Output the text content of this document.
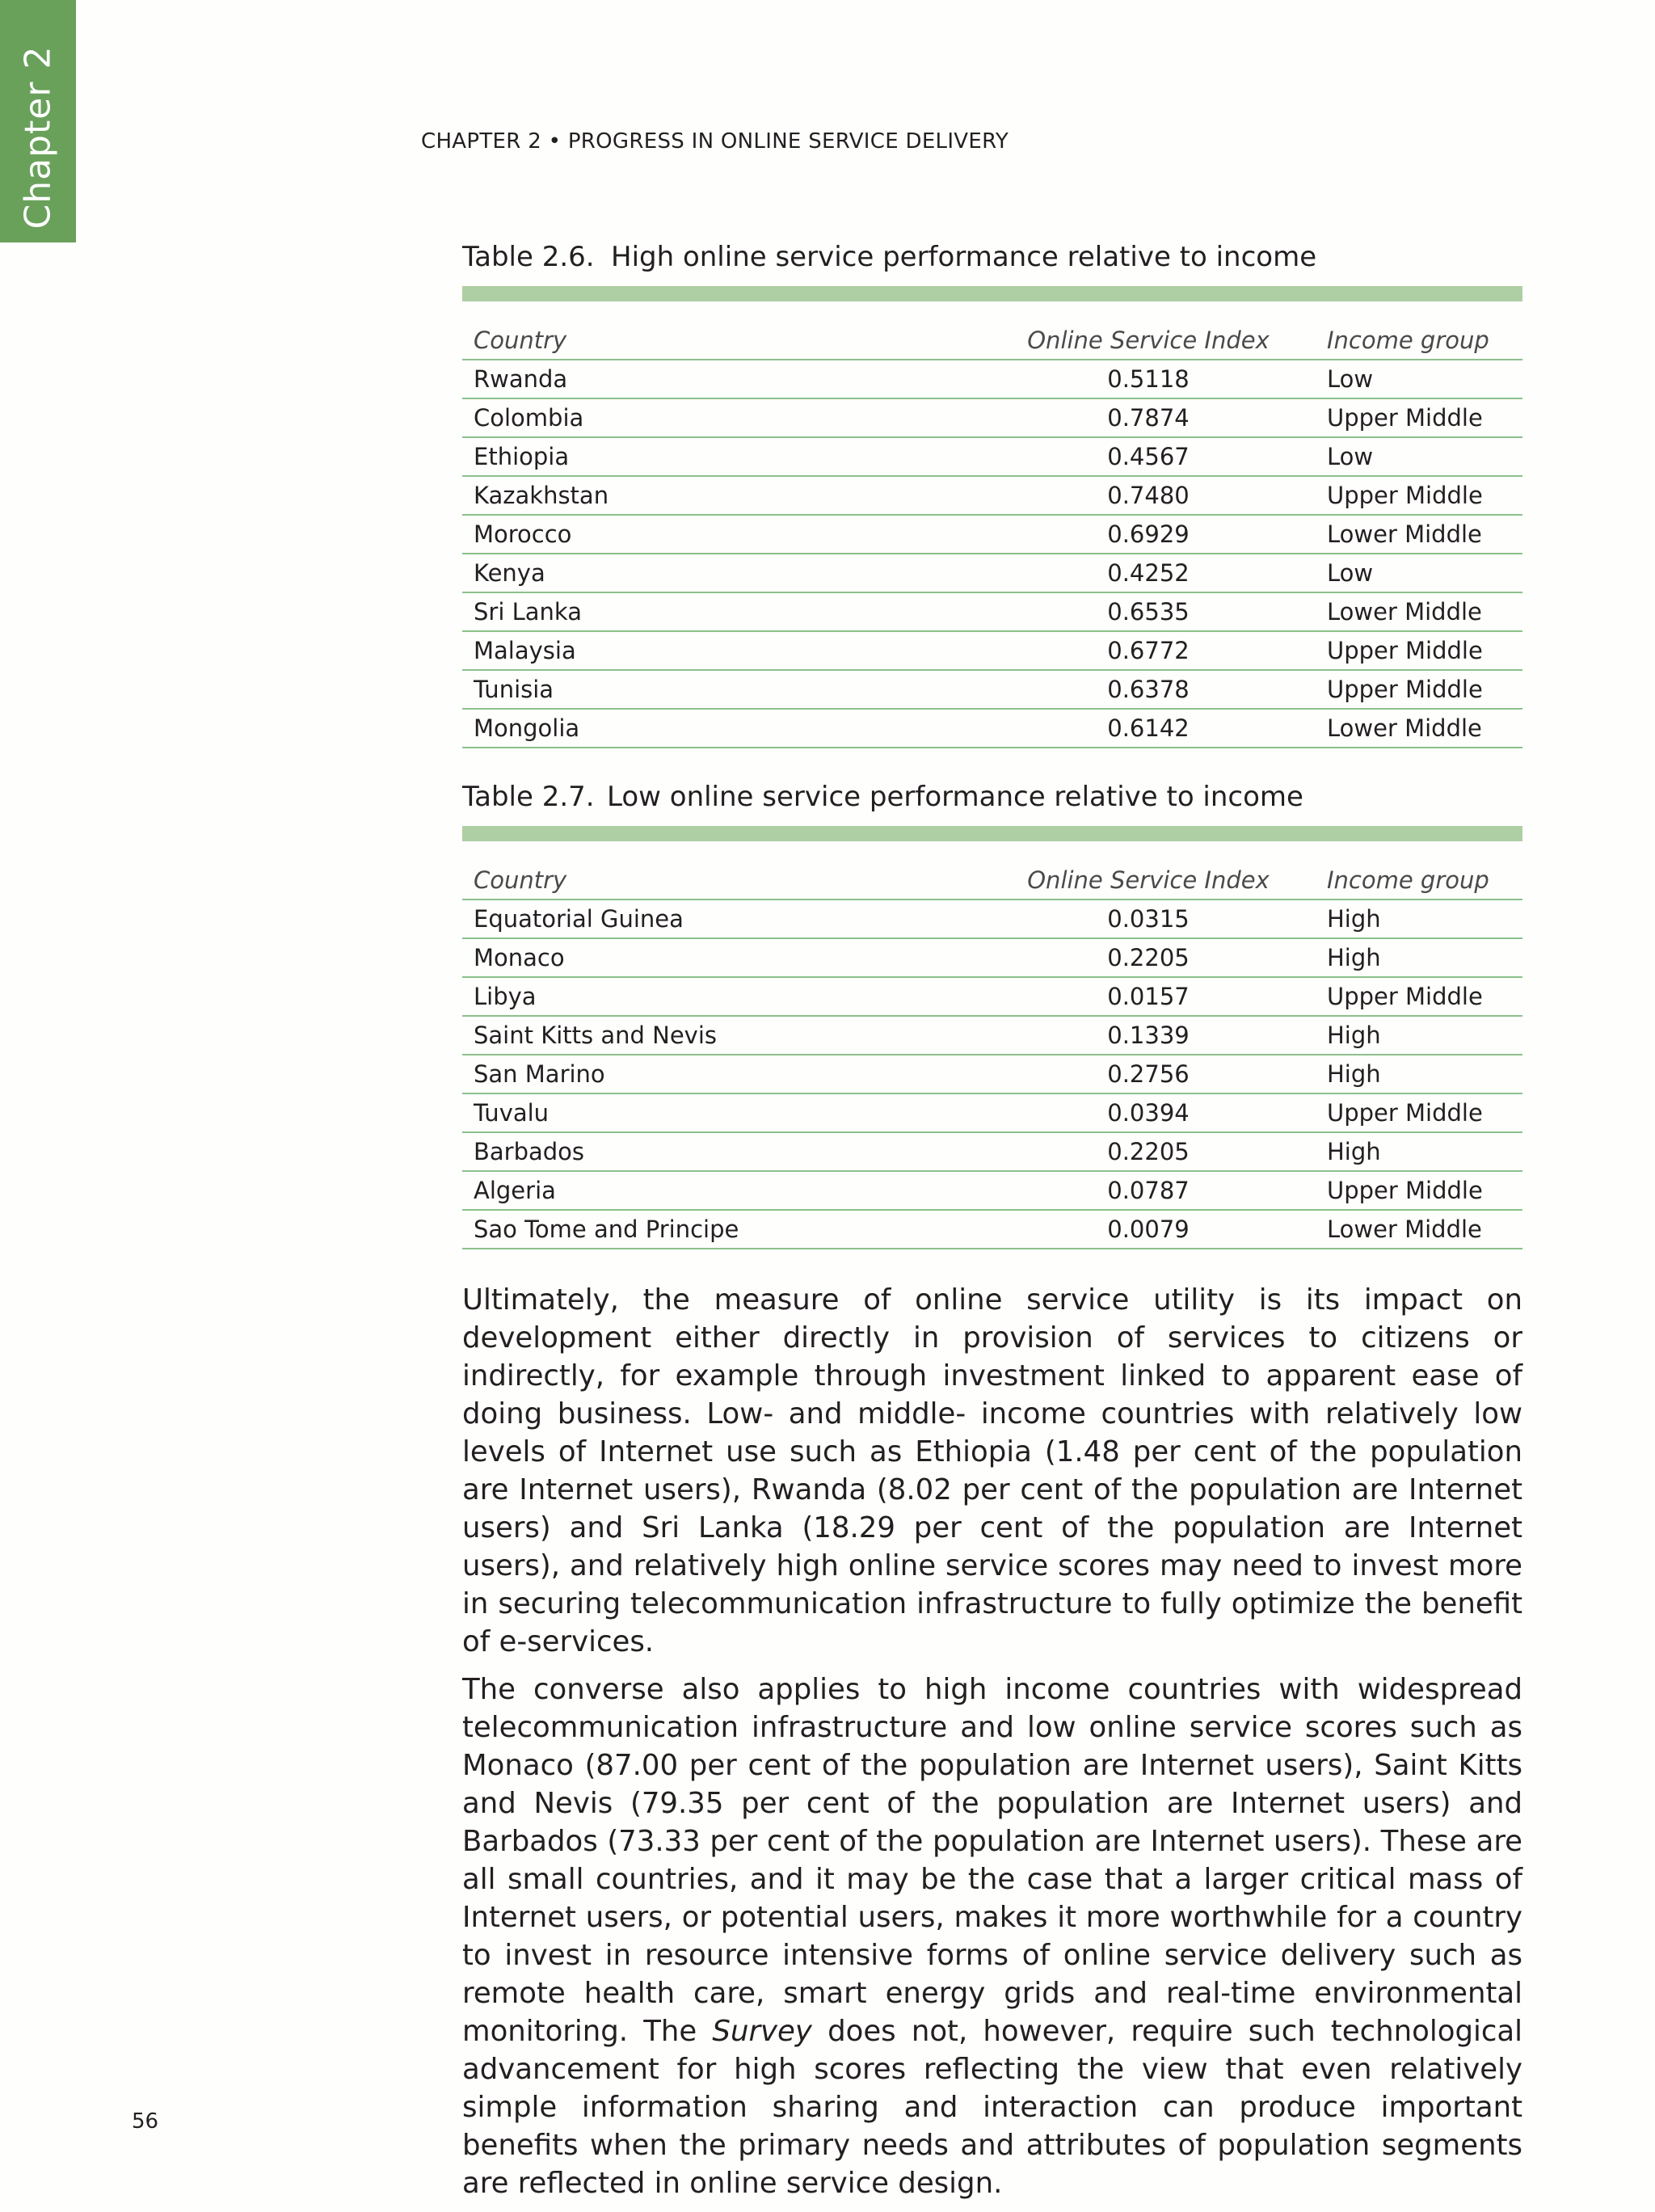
Chapter 2	CHAPTER 2 • PROGRESS IN ONLINE SERVICE DELIVERY
Table 2.6. High online service performance relative to income
Country	Online Service Index	Income group
Rwanda	0.5118	Low
Colombia	0.7874	Upper Middle
Ethiopia	0.4567	Low
Kazakhstan	0.7480	Upper Middle
Morocco	0.6929	Lower Middle
Kenya	0.4252	Low
Sri Lanka	0.6535	Lower Middle
Malaysia	0.6772	Upper Middle
Tunisia	0.6378	Upper Middle
Mongolia	0.6142	Lower Middle
Table 2.7. Low online service performance relative to income
Country	Online Service Index	Income group
Equatorial Guinea	0.0315	High
Monaco	0.2205	High
Libya	0.0157	Upper Middle
Saint Kitts and Nevis	0.1339	High
San Marino	0.2756	High
Tuvalu	0.0394	Upper Middle
Barbados	0.2205	High
Algeria	0.0787	Upper Middle
Sao Tome and Principe	0.0079	Lower Middle

Ultimately, the measure of online service utility is its impact on development either directly in provision of services to citizens or indirectly, for example through investment linked to apparent ease of doing business. Low- and middle- income countries with relatively low levels of Internet use such as Ethiopia (1.48 per cent of the population are Internet users), Rwanda (8.02 per cent of the population are Internet users) and Sri Lanka (18.29 per cent of the population are Internet users), and relatively high online service scores may need to invest more in securing telecommunication infrastructure to fully optimize the benefit of e-services.

The converse also applies to high income countries with widespread telecommunication infrastructure and low online service scores such as Monaco (87.00 per cent of the population are Internet users), Saint Kitts and Nevis (79.35 per cent of the population are Internet users) and Barbados (73.33 per cent of the population are Internet users). These are all small countries, and it may be the case that a larger critical mass of Internet users, or potential users, makes it more worthwhile for a country to invest in resource intensive forms of online service delivery such as remote health care, smart energy grids and real-time environmental monitoring. The Survey does not, however, require such technological advancement for high scores reflecting the view that even relatively simple information sharing and interaction can produce important benefits when the primary needs and attributes of population segments are reflected in online service design.

56
